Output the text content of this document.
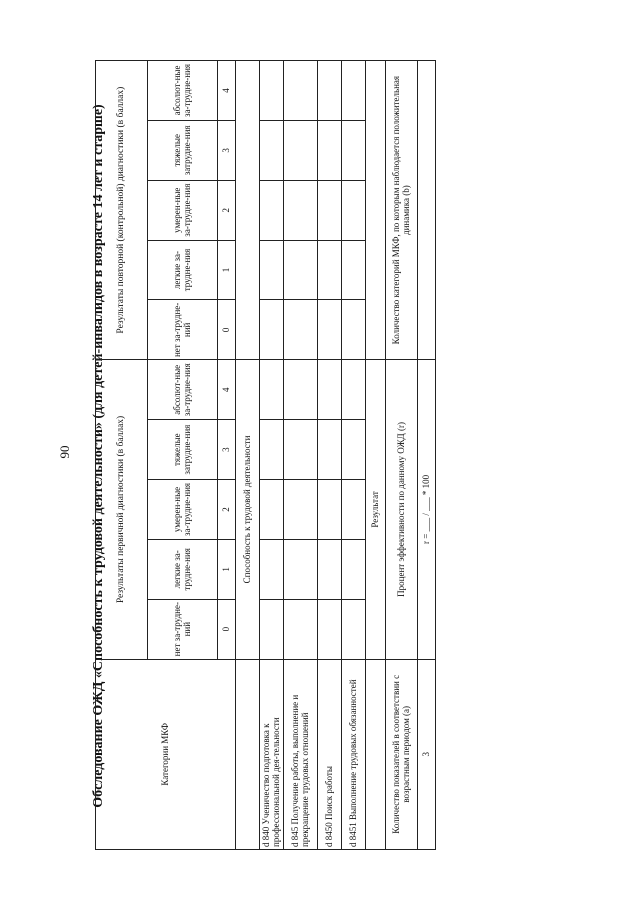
90 Обследование ОЖД «Способность к трудовой деятельности» (для детей-инвалидов в возрасте 14 лет и старше)	Категории МКФ	Результаты первичной диагностики (в баллах)					Результаты повторной (контрольной) диагностики (в баллах)				
	нет за-трудне-ний	легкие за-трудне-ния	умерен-ные за-трудне-ния	тяжелые затрудне-ния	абсолют-ные за-трудне-ния	нет за-трудне-ний	легкие за-трудне-ния	умерен-ные за-трудне-ния	тяжелые затрудне-ния	абсолют-ные за-трудне-ния
	0	1	2	3	4	0	1	2	3	4
	Способность к трудовой деятельности									
d 840 Ученичество подготовка к профессиональной дея-тельности										
d 845 Получение работы, выполнение и прекращение трудовых отношений										
d 8450 Поиск работы										
d 8451 Выполнение трудовых обязанностей										
	Результат									
Количество показателей в соответствии с возрастным периодом (a)	Процент эффективности по данному ОЖД (r)					Количество категорий МКФ, по которым наблюдается положительная динамика (b)				
3	r = ___ / ___ * 100									
